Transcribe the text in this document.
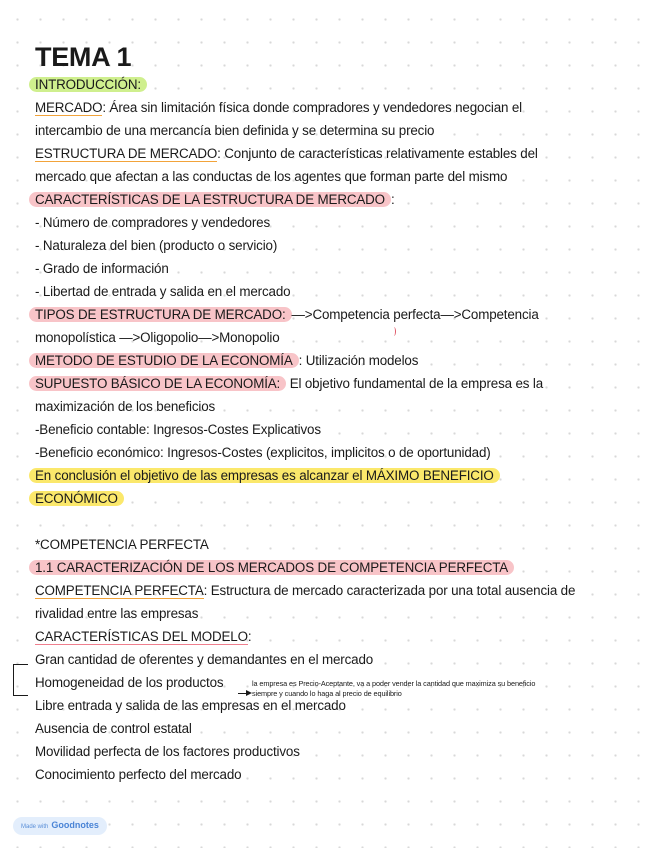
TEMA 1
INTRODUCCIÓN:
MERCADO: Área sin limitación física donde compradores y vendedores negocian el
intercambio de una mercancía bien definida y se determina su precio
ESTRUCTURA DE MERCADO: Conjunto de características relativamente estables del
mercado que afectan a las conductas de los agentes que forman parte del mismo
CARACTERÍSTICAS DE LA ESTRUCTURA DE MERCADO :
- Número de compradores y vendedores
- Naturaleza del bien (producto o servicio)
- Grado de información
- Libertad de entrada y salida en el mercado
TIPOS DE ESTRUCTURA DE MERCADO: —>Competencia perfecta—>Competencia
monopolística —>Oligopolio—>Monopolio
METODO DE ESTUDIO DE LA ECONOMÍA : Utilización modelos
SUPUESTO BÁSICO DE LA ECONOMÍA: El objetivo fundamental de la empresa es la
maximización de los beneficios
-Beneficio contable: Ingresos-Costes Explicativos
-Beneficio económico: Ingresos-Costes (explicitos, implicitos o de oportunidad)
En conclusión el objetivo de las empresas es alcanzar el MÁXIMO BENEFICIO
ECONÓMICO
*COMPETENCIA PERFECTA
1.1 CARACTERIZACIÓN DE LOS MERCADOS DE COMPETENCIA PERFECTA
COMPETENCIA PERFECTA: Estructura de mercado caracterizada por una total ausencia de
rivalidad entre las empresas
CARACTERÍSTICAS DEL MODELO:
Gran cantidad de oferentes y demandantes en el mercado
Homogeneidad de los productos
Libre entrada y salida de las empresas en el mercado
Ausencia de control estatal
Movilidad perfecta de los factores productivos
Conocimiento perfecto del mercado
la empresa es Precio-Aceptante, va a poder vender la cantidad que maximiza su beneficio
siempre y cuando lo haga al precio de equilibrio
Made with Goodnotes
